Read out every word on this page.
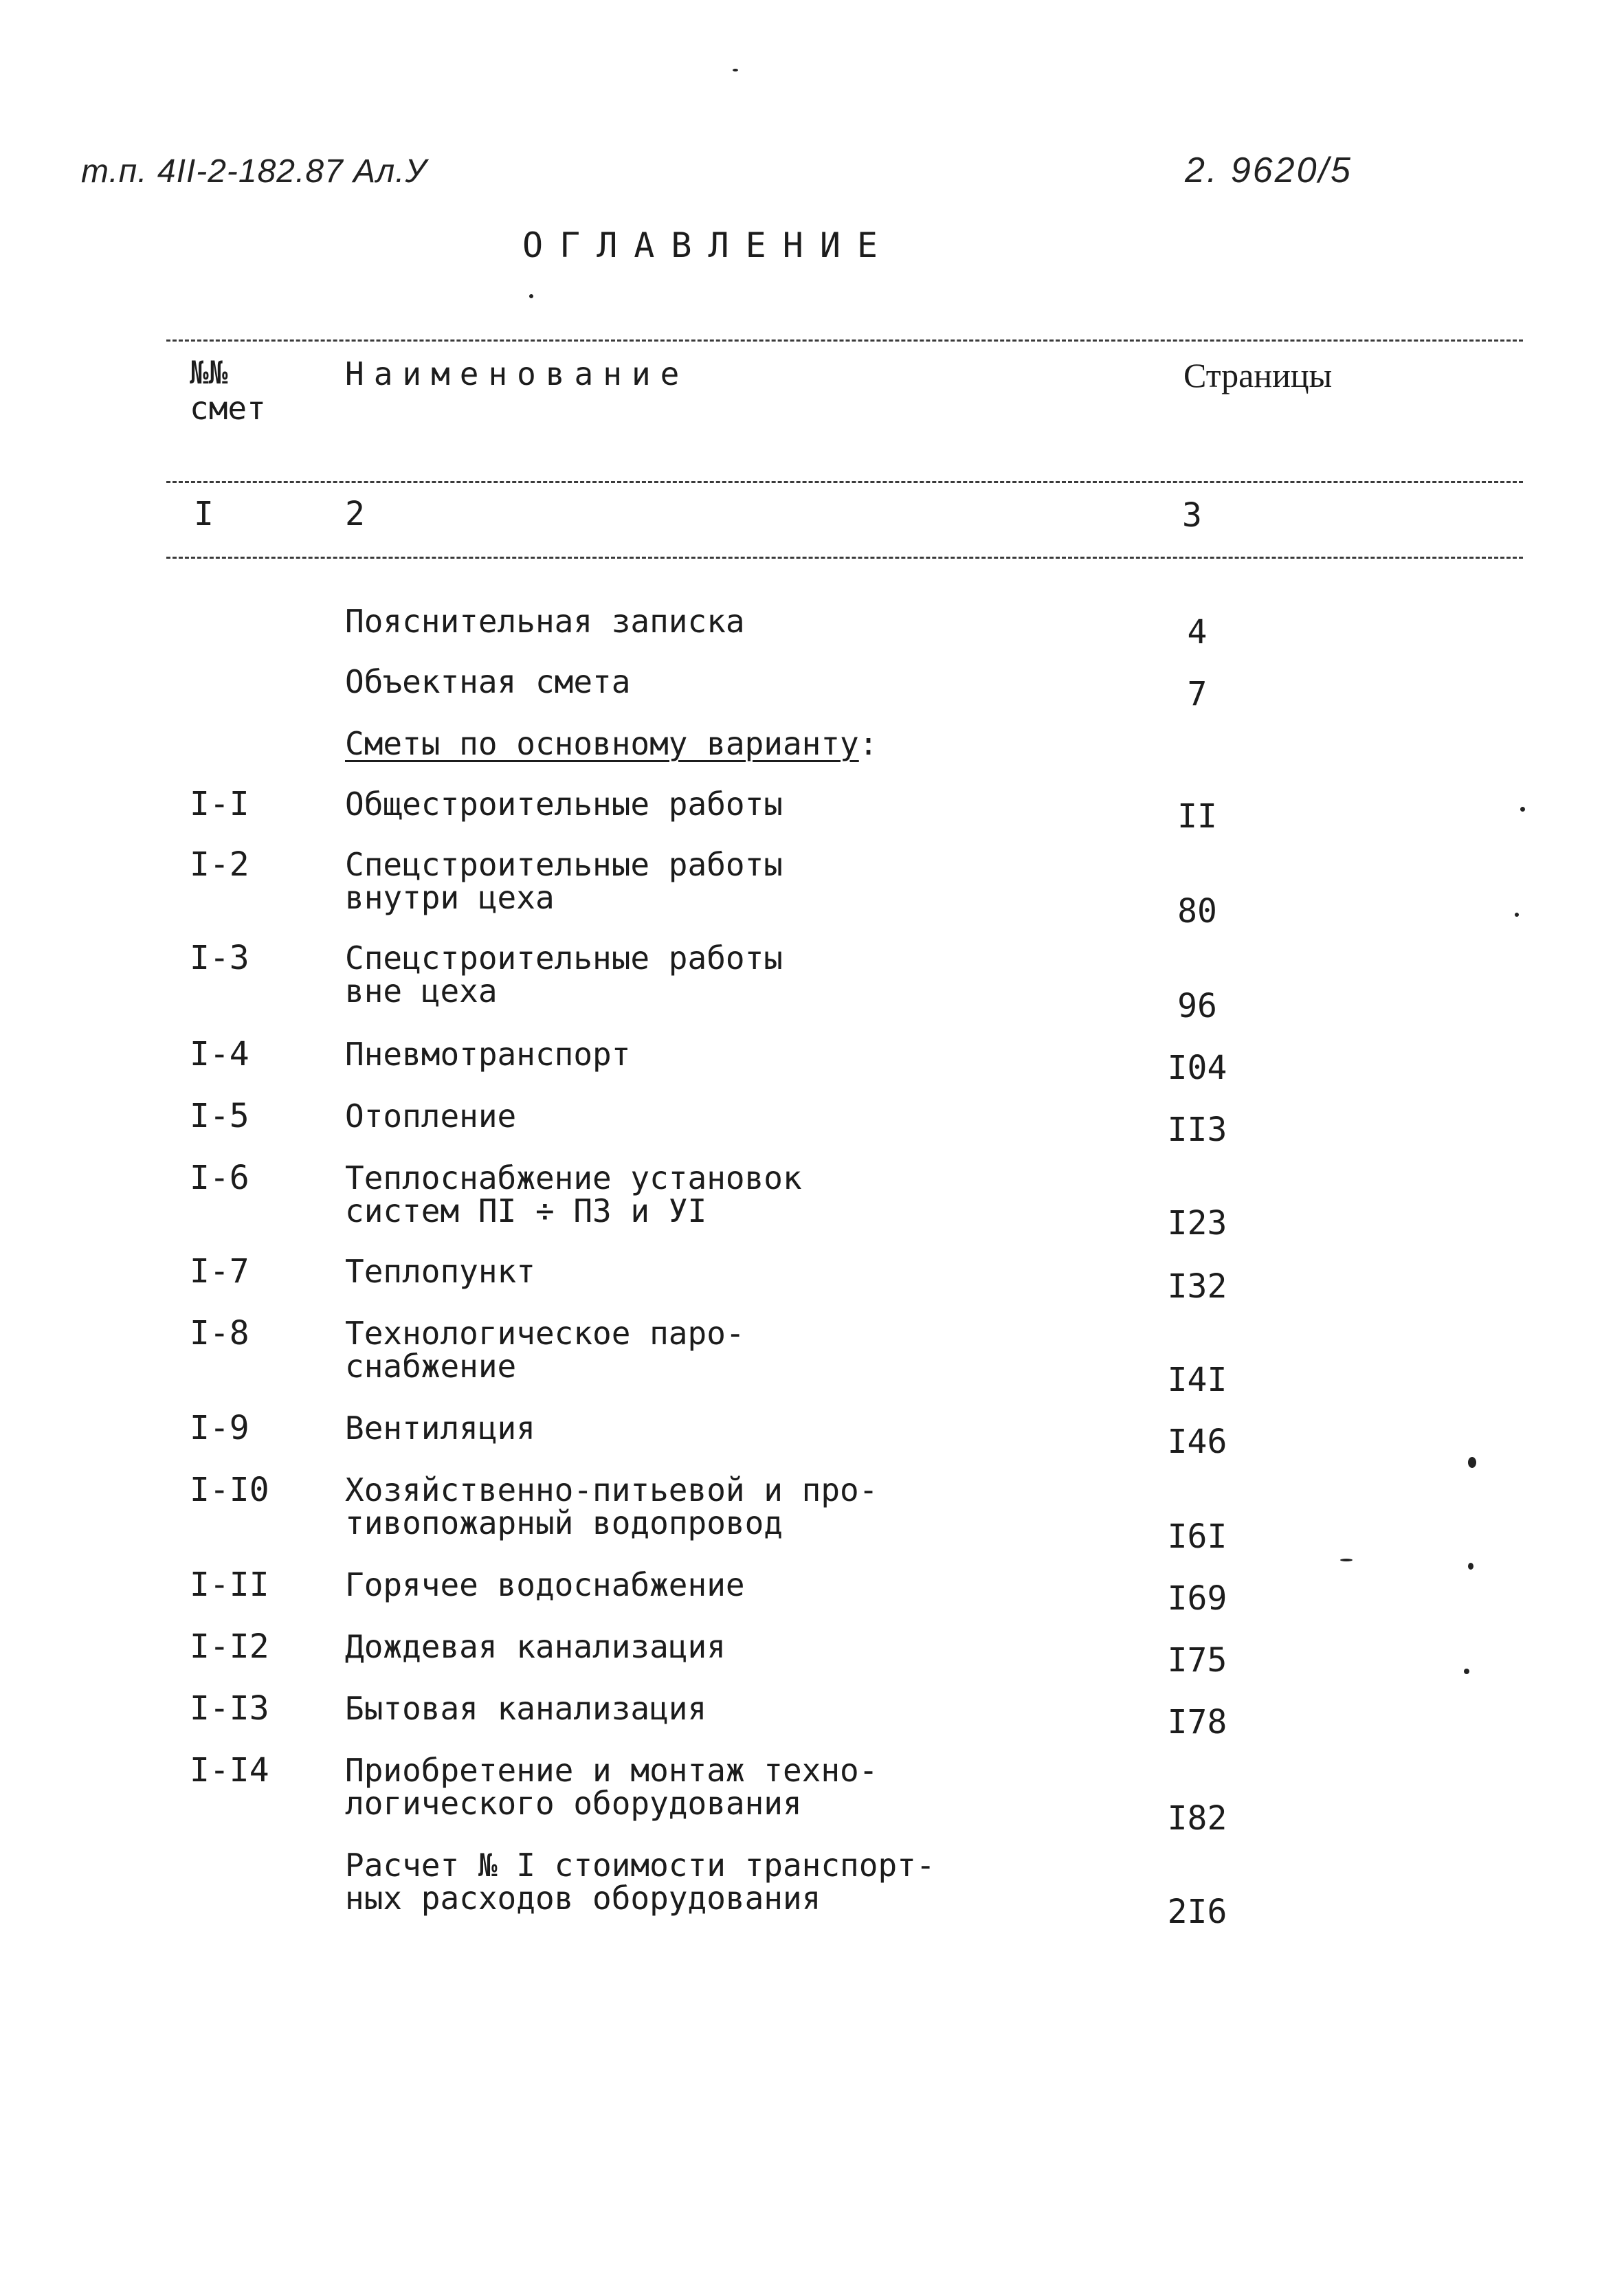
т.п. 4II-2-182.87 Ал.У	2. 9620/5
ОГЛАВЛЕНИЕ
№№
смет
Наименование	Страницы
I	2	3
Пояснительная записка	4
Объектная смета	7
Сметы по основному варианту:
I-I	Общестроительные работы	II
I-2	Спецстроительные работы
внутри цеха	80
I-3	Спецстроительные работы
вне цеха	96
I-4	Пневмотранспорт	I04
I-5	Отопление	II3
I-6	Теплоснабжение установок
систем ПI ÷ П3 и УI	I23
I-7	Теплопункт	I32
I-8	Технологическое паро-
снабжение	I4I
I-9	Вентиляция	I46
I-I0 Хозяйственно-питьевой и про-
тивопожарный водопровод	I6I
I-II Горячее водоснабжение	I69
I-I2 Дождевая канализация	I75
I-I3 Бытовая канализация	I78
I-I4 Приобретение и монтаж техно-
логического оборудования	I82
Расчет № I стоимости транспорт-
ных расходов оборудования	2I6
